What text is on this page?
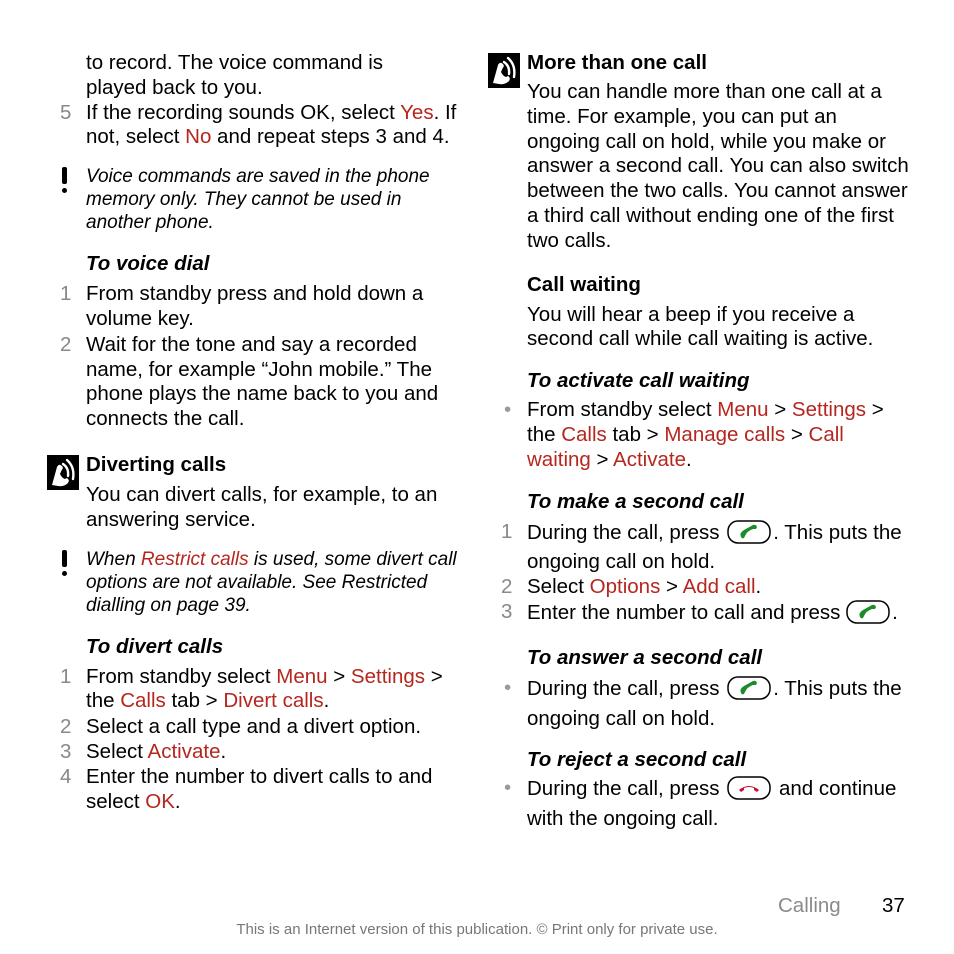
to record. The voice command is
played back to you.
5 If the recording sounds OK, select Yes. If not, select No and repeat steps 3 and 4.
Voice commands are saved in the phone memory only. They cannot be used in another phone.

To voice dial

1 From standby press and hold down a volume key.
2 Wait for the tone and say a recorded name, for example “John mobile.” The phone plays the name back to you and connects the call.
Diverting calls
You can divert calls, for example, to an answering service.
When Restrict calls is used, some divert call options are not available. See Restricted dialling on page 39.

To divert calls

1 From standby select Menu > Settings > the Calls tab > Divert calls.
2 Select a call type and a divert option.
3 Select Activate.
4 Enter the number to divert calls to and select OK.
More than one call
You can handle more than one call at a time. For example, you can put an ongoing call on hold, while you make or answer a second call. You can also switch between the two calls. You cannot answer a third call without ending one of the first two calls.
Call waiting
You will hear a beep if you receive a second call while call waiting is active.

To activate call waiting

• From standby select Menu > Settings > the Calls tab > Manage calls > Call waiting > Activate.

To make a second call

1 During the call, press . This puts the ongoing call on hold.
2 Select Options > Add call.
3 Enter the number to call and press .

To answer a second call

• During the call, press . This puts the ongoing call on hold.

To reject a second call

• During the call, press  and continue with the ongoing call.
Calling 37
This is an Internet version of this publication. © Print only for private use.
